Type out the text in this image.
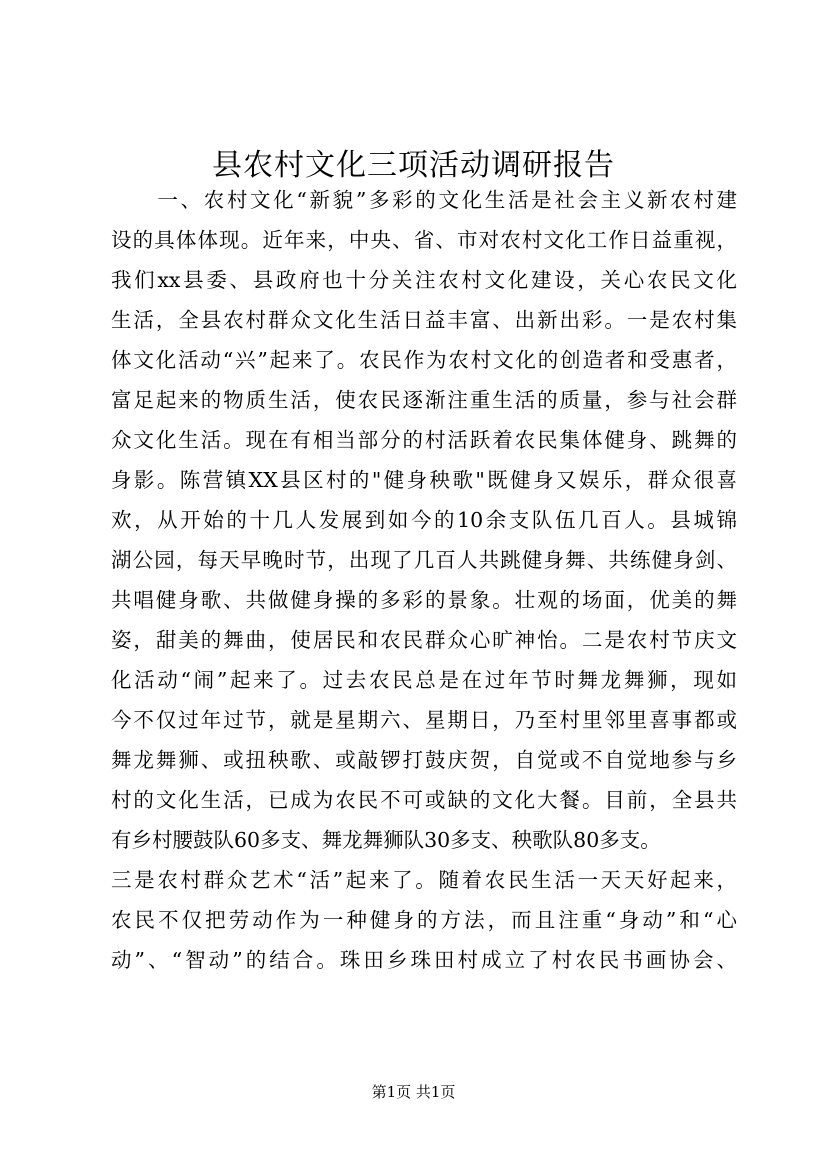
县农村文化三项活动调研报告
　　一、农村文化“新貌”多彩的文化生活是社会主义新农村建
设的具体体现。近年来，中央、省、市对农村文化工作日益重视，
我们xx县委、县政府也十分关注农村文化建设，关心农民文化
生活，全县农村群众文化生活日益丰富、出新出彩。一是农村集
体文化活动“兴”起来了。农民作为农村文化的创造者和受惠者，
富足起来的物质生活，使农民逐渐注重生活的质量，参与社会群
众文化生活。现在有相当部分的村活跃着农民集体健身、跳舞的
身影。陈营镇XX县区村的"健身秧歌"既健身又娱乐，群众很喜
欢，从开始的十几人发展到如今的10余支队伍几百人。县城锦
湖公园，每天早晚时节，出现了几百人共跳健身舞、共练健身剑、
共唱健身歌、共做健身操的多彩的景象。壮观的场面，优美的舞
姿，甜美的舞曲，使居民和农民群众心旷神怡。二是农村节庆文
化活动“闹”起来了。过去农民总是在过年节时舞龙舞狮，现如
今不仅过年过节，就是星期六、星期日，乃至村里邻里喜事都或
舞龙舞狮、或扭秧歌、或敲锣打鼓庆贺，自觉或不自觉地参与乡
村的文化生活，已成为农民不可或缺的文化大餐。目前，全县共
有乡村腰鼓队60多支、舞龙舞狮队30多支、秧歌队80多支。
三是农村群众艺术“活”起来了。随着农民生活一天天好起来，
农民不仅把劳动作为一种健身的方法，而且注重“身动”和“心
动”、“智动”的结合。珠田乡珠田村成立了村农民书画协会、
第1页 共1页
